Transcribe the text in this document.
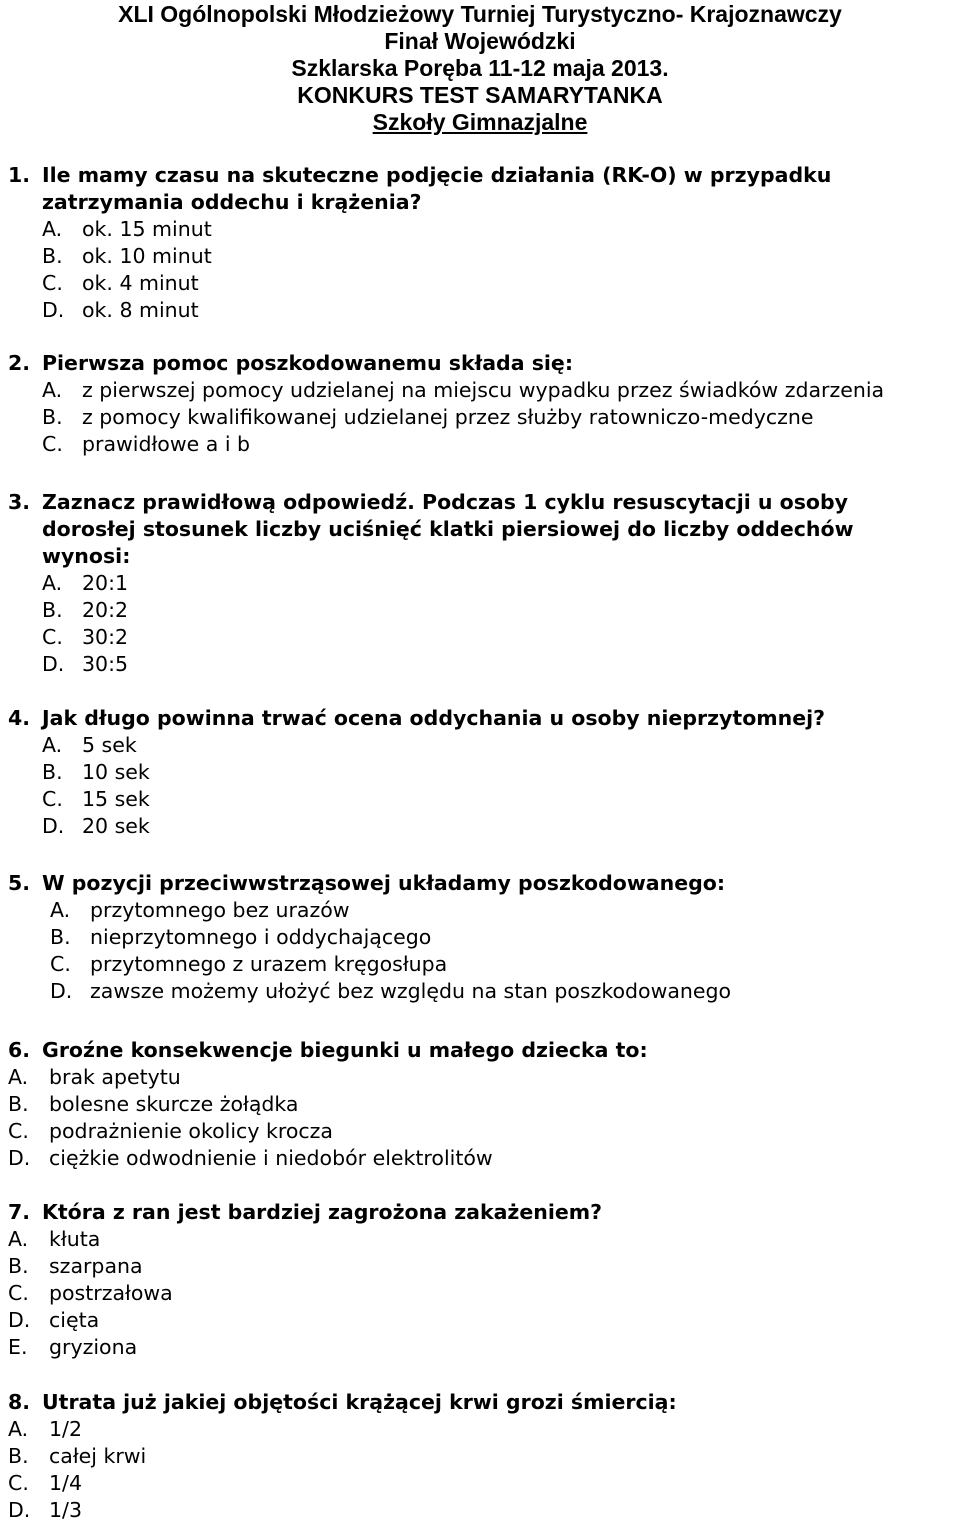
XLI Ogólnopolski Młodzieżowy Turniej Turystyczno- Krajoznawczy
Finał Wojewódzki
Szklarska Poręba 11-12 maja 2013.
KONKURS TEST SAMARYTANKA
Szkoły Gimnazjalne
1. Ile mamy czasu na skuteczne podjęcie działania (RK-O) w przypadku
zatrzymania oddechu i krążenia?
A. ok. 15 minut
B. ok. 10 minut
C. ok. 4 minut
D. ok. 8 minut
2. Pierwsza pomoc poszkodowanemu składa się:
A. z pierwszej pomocy udzielanej na miejscu wypadku przez świadków zdarzenia
B. z pomocy kwalifikowanej udzielanej przez służby ratowniczo-medyczne
C. prawidłowe a i b
3. Zaznacz prawidłową odpowiedź. Podczas 1 cyklu resuscytacji u osoby
dorosłej stosunek liczby uciśnięć klatki piersiowej do liczby oddechów
wynosi:
A. 20:1
B. 20:2
C. 30:2
D. 30:5
4. Jak długo powinna trwać ocena oddychania u osoby nieprzytomnej?
A. 5 sek
B. 10 sek
C. 15 sek
D. 20 sek
5. W pozycji przeciwwstrząsowej układamy poszkodowanego:
A. przytomnego bez urazów
B. nieprzytomnego i oddychającego
C. przytomnego z urazem kręgosłupa
D. zawsze możemy ułożyć bez względu na stan poszkodowanego
6. Groźne konsekwencje biegunki u małego dziecka to:
A. brak apetytu
B. bolesne skurcze żołądka
C. podrażnienie okolicy krocza
D. ciężkie odwodnienie i niedobór elektrolitów
7. Która z ran jest bardziej zagrożona zakażeniem?
A. kłuta
B. szarpana
C. postrzałowa
D. cięta
E. gryziona
8. Utrata już jakiej objętości krążącej krwi grozi śmiercią:
A. 1/2
B. całej krwi
C. 1/4
D. 1/3
